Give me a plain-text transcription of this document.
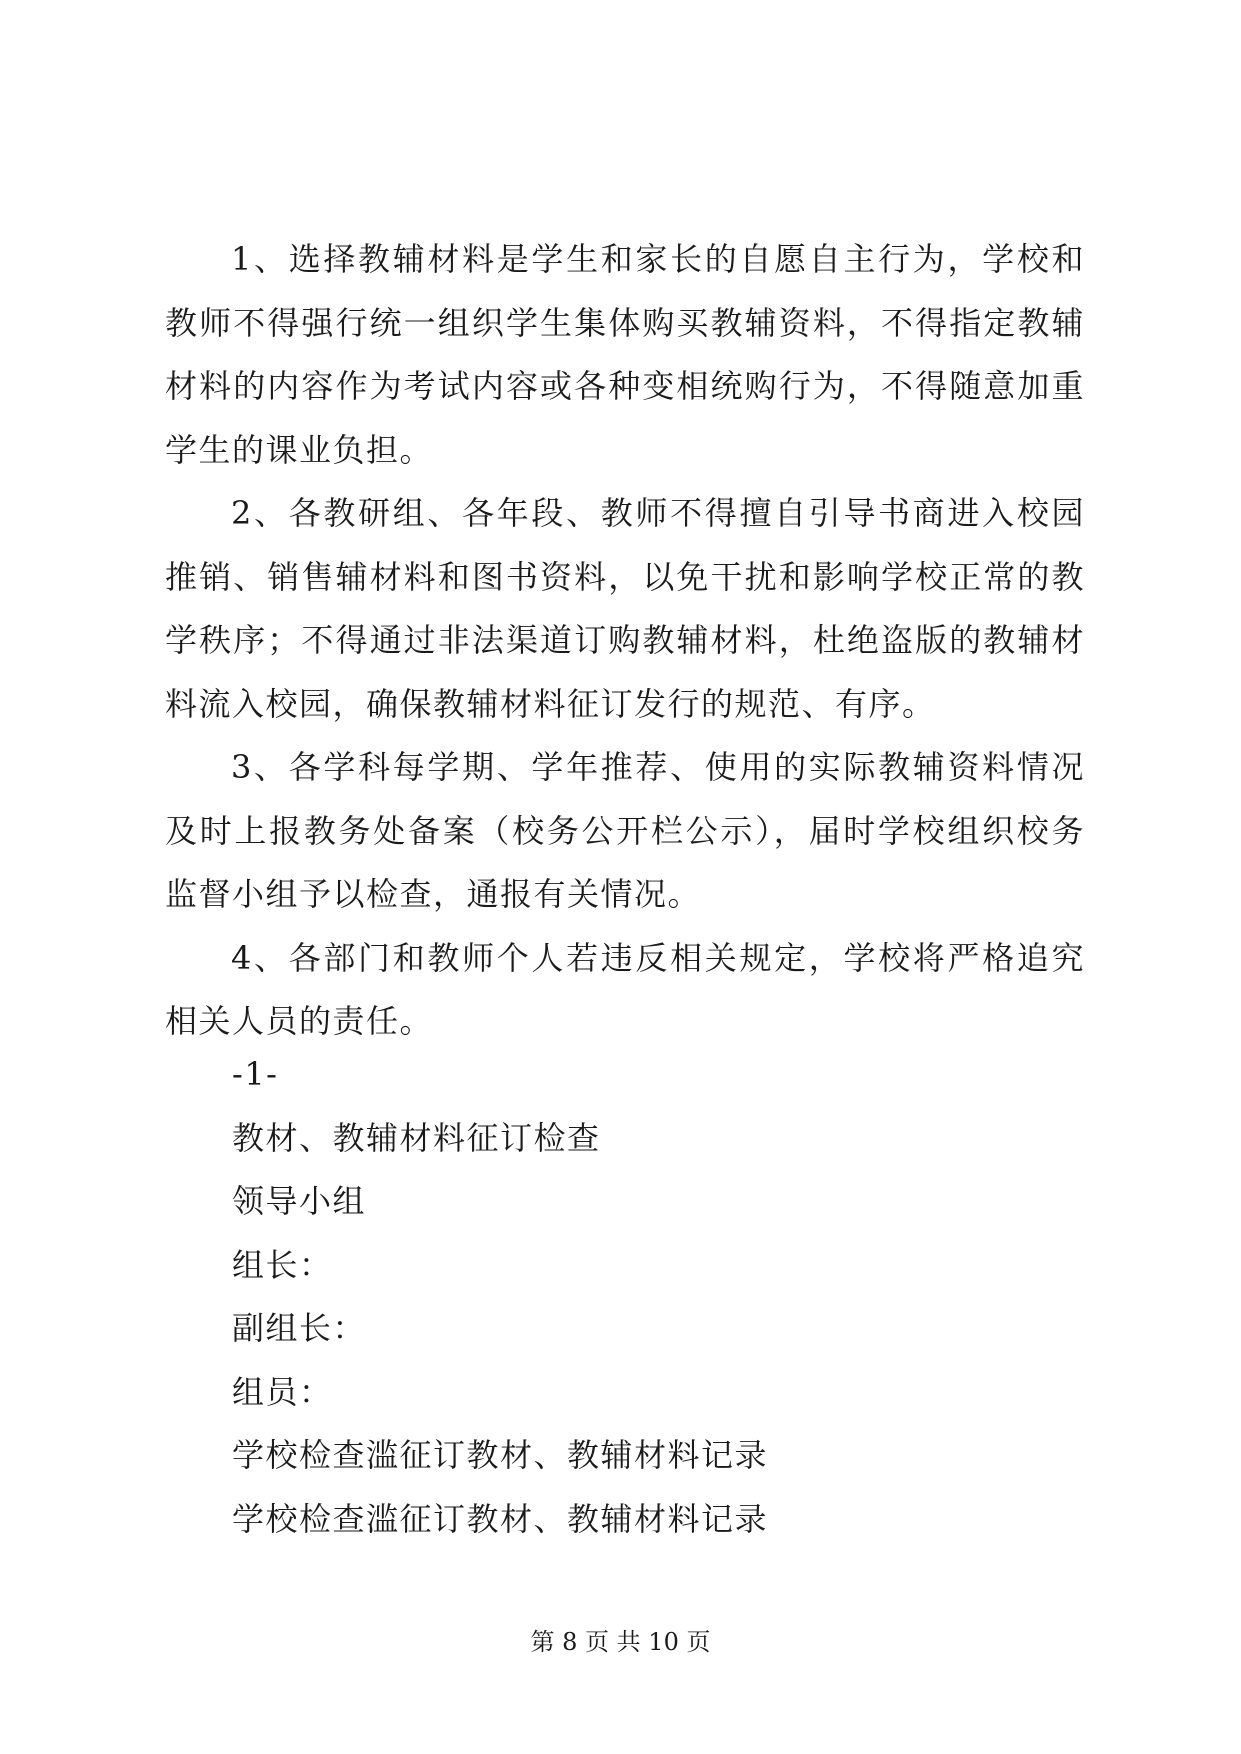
1、选择教辅材料是学生和家长的自愿自主行为，学校和教师不得强行统一组织学生集体购买教辅资料，不得指定教辅材料的内容作为考试内容或各种变相统购行为，不得随意加重学生的课业负担。

2、各教研组、各年段、教师不得擅自引导书商进入校园推销、销售辅材料和图书资料，以免干扰和影响学校正常的教学秩序；不得通过非法渠道订购教辅材料，杜绝盗版的教辅材料流入校园，确保教辅材料征订发行的规范、有序。

3、各学科每学期、学年推荐、使用的实际教辅资料情况及时上报教务处备案（校务公开栏公示），届时学校组织校务监督小组予以检查，通报有关情况。

4、各部门和教师个人若违反相关规定，学校将严格追究相关人员的责任。

-1-

教材、教辅材料征订检查

领导小组

组长：

副组长：

组员：

学校检查滥征订教材、教辅材料记录

学校检查滥征订教材、教辅材料记录

第 8 页 共 10 页
